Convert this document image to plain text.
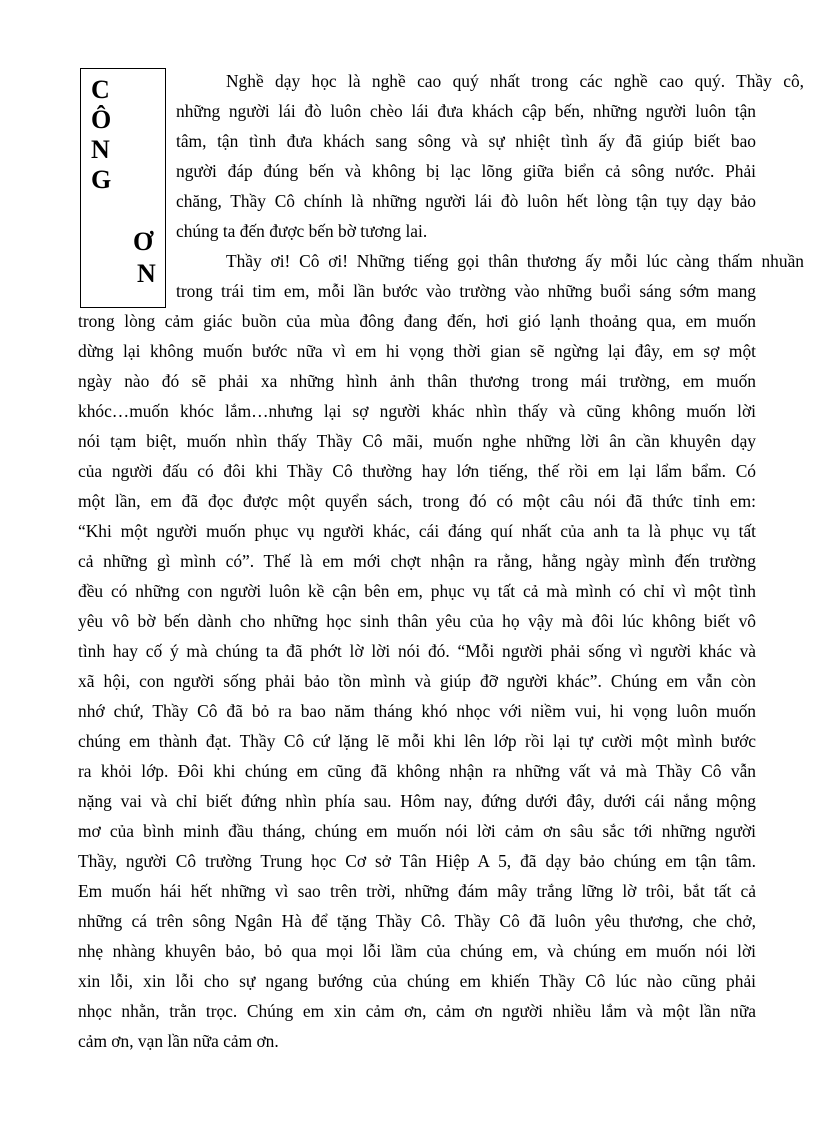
C
Ô
N
G
Ơ
N
Nghề dạy học là nghề cao quý nhất trong các nghề cao quý. Thầy cô,
những người lái đò luôn chèo lái đưa khách cập bến, những người luôn tận
tâm, tận tình đưa khách sang sông và sự nhiệt tình ấy đã giúp biết bao
người đáp đúng bến và không bị lạc lõng giữa biển cả sông nước. Phải
chăng, Thầy Cô chính là những người lái đò luôn hết lòng tận tụy dạy bảo
chúng ta đến được bến bờ tương lai.
Thầy ơi! Cô ơi! Những tiếng gọi thân thương ấy mỗi lúc càng thấm nhuần
trong trái tim em, mỗi lần bước vào trường vào những buổi sáng sớm mang
trong lòng cảm giác buồn của mùa đông đang đến, hơi gió lạnh thoảng qua, em muốn
dừng lại không muốn bước nữa vì em hi vọng thời gian sẽ ngừng lại đây, em sợ một
ngày nào đó sẽ phải xa những hình ảnh thân thương trong mái trường, em muốn
khóc…muốn khóc lắm…nhưng lại sợ người khác nhìn thấy và cũng không muốn lời
nói tạm biệt, muốn nhìn thấy Thầy Cô mãi, muốn nghe những lời ân cần khuyên dạy
của người đấu có đôi khi Thầy Cô thường hay lớn tiếng, thế rồi em lại lẩm bẩm. Có
một lần, em đã đọc được một quyển sách, trong đó có một câu nói đã thức tỉnh em:
“Khi một người muốn phục vụ người khác, cái đáng quí nhất của anh ta là phục vụ tất
cả những gì mình có”. Thế là em mới chợt nhận ra rằng, hằng ngày mình đến trường
đều có những con người luôn kề cận bên em, phục vụ tất cả mà mình có chỉ vì một tình
yêu vô bờ bến dành cho những học sinh thân yêu của họ vậy mà đôi lúc không biết vô
tình hay cố ý mà chúng ta đã phớt lờ lời nói đó. “Mỗi người phải sống vì người khác và
xã hội, con người sống phải bảo tồn mình và giúp đỡ người khác”. Chúng em vẫn còn
nhớ chứ, Thầy Cô đã bỏ ra bao năm tháng khó nhọc với niềm vui, hi vọng luôn muốn
chúng em thành đạt. Thầy Cô cứ lặng lẽ mỗi khi lên lớp rồi lại tự cười một mình bước
ra khỏi lớp. Đôi khi chúng em cũng đã không nhận ra những vất vả mà Thầy Cô vẫn
nặng vai và chỉ biết đứng nhìn phía sau. Hôm nay, đứng dưới đây, dưới cái nắng mộng
mơ của bình minh đầu tháng, chúng em muốn nói lời cảm ơn sâu sắc tới những người
Thầy, người Cô trường Trung học Cơ sở Tân Hiệp A 5, đã dạy bảo chúng em tận tâm.
Em muốn hái hết những vì sao trên trời, những đám mây trắng lững lờ trôi, bắt tất cả
những cá trên sông Ngân Hà để tặng Thầy Cô. Thầy Cô đã luôn yêu thương, che chở,
nhẹ nhàng khuyên bảo, bỏ qua mọi lỗi lầm của chúng em, và chúng em muốn nói lời
xin lỗi, xin lỗi cho sự ngang bướng của chúng em khiến Thầy Cô lúc nào cũng phải
nhọc nhằn, trằn trọc. Chúng em xin cảm ơn, cảm ơn người nhiều lắm và một lần nữa
cảm ơn, vạn lần nữa cảm ơn.
